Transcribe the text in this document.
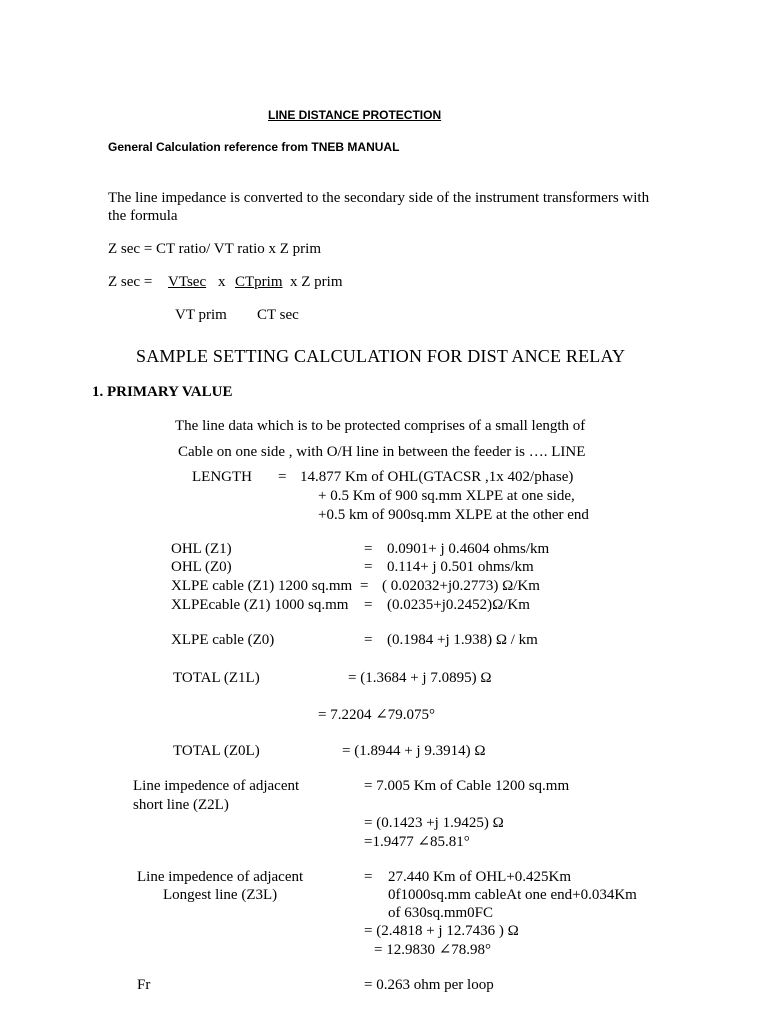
LINE DISTANCE PROTECTION
General Calculation reference from TNEB MANUAL
The line impedance is converted to the secondary side of the instrument transformers with
the formula
Z sec = CT ratio/ VT ratio x Z prim
Z sec = VTsec x CTprim x Z prim
VT prim CT sec
SAMPLE SETTING CALCULATION FOR DIST ANCE RELAY
1. PRIMARY VALUE
The line data which is to be protected comprises of a small length of
Cable on one side , with O/H line in between the feeder is …. LINE
LENGTH = 14.877 Km of OHL(GTACSR ,1x 402/phase)
+ 0.5 Km of 900 sq.mm XLPE at one side,
+0.5 km of 900sq.mm XLPE at the other end
OHL (Z1)	= 0.0901+ j 0.4604 ohms/km
OHL (Z0)	= 0.114+ j 0.501 ohms/km
XLPE cable (Z1) 1200 sq.mm = ( 0.02032+j0.2773) Ω/Km
XLPEcable (Z1) 1000 sq.mm = (0.0235+j0.2452)Ω/Km
XLPE cable (Z0)	= (0.1984 +j 1.938) Ω / km
TOTAL (Z1L)	= (1.3684 + j 7.0895) Ω
= 7.2204 ∠79.075°
TOTAL (Z0L)	= (1.8944 + j 9.3914) Ω
Line impedence of adjacent
short line (Z2L)
= 7.005 Km of Cable 1200 sq.mm
= (0.1423 +j 1.9425) Ω
=1.9477 ∠85.81°
Line impedence of adjacent
Longest line (Z3L)
= 27.440 Km of OHL+0.425Km
0f1000sq.mm cableAt one end+0.034Km
of 630sq.mm0FC
= (2.4818 + j 12.7436 ) Ω
= 12.9830 ∠78.98°
Fr	= 0.263 ohm per loop
